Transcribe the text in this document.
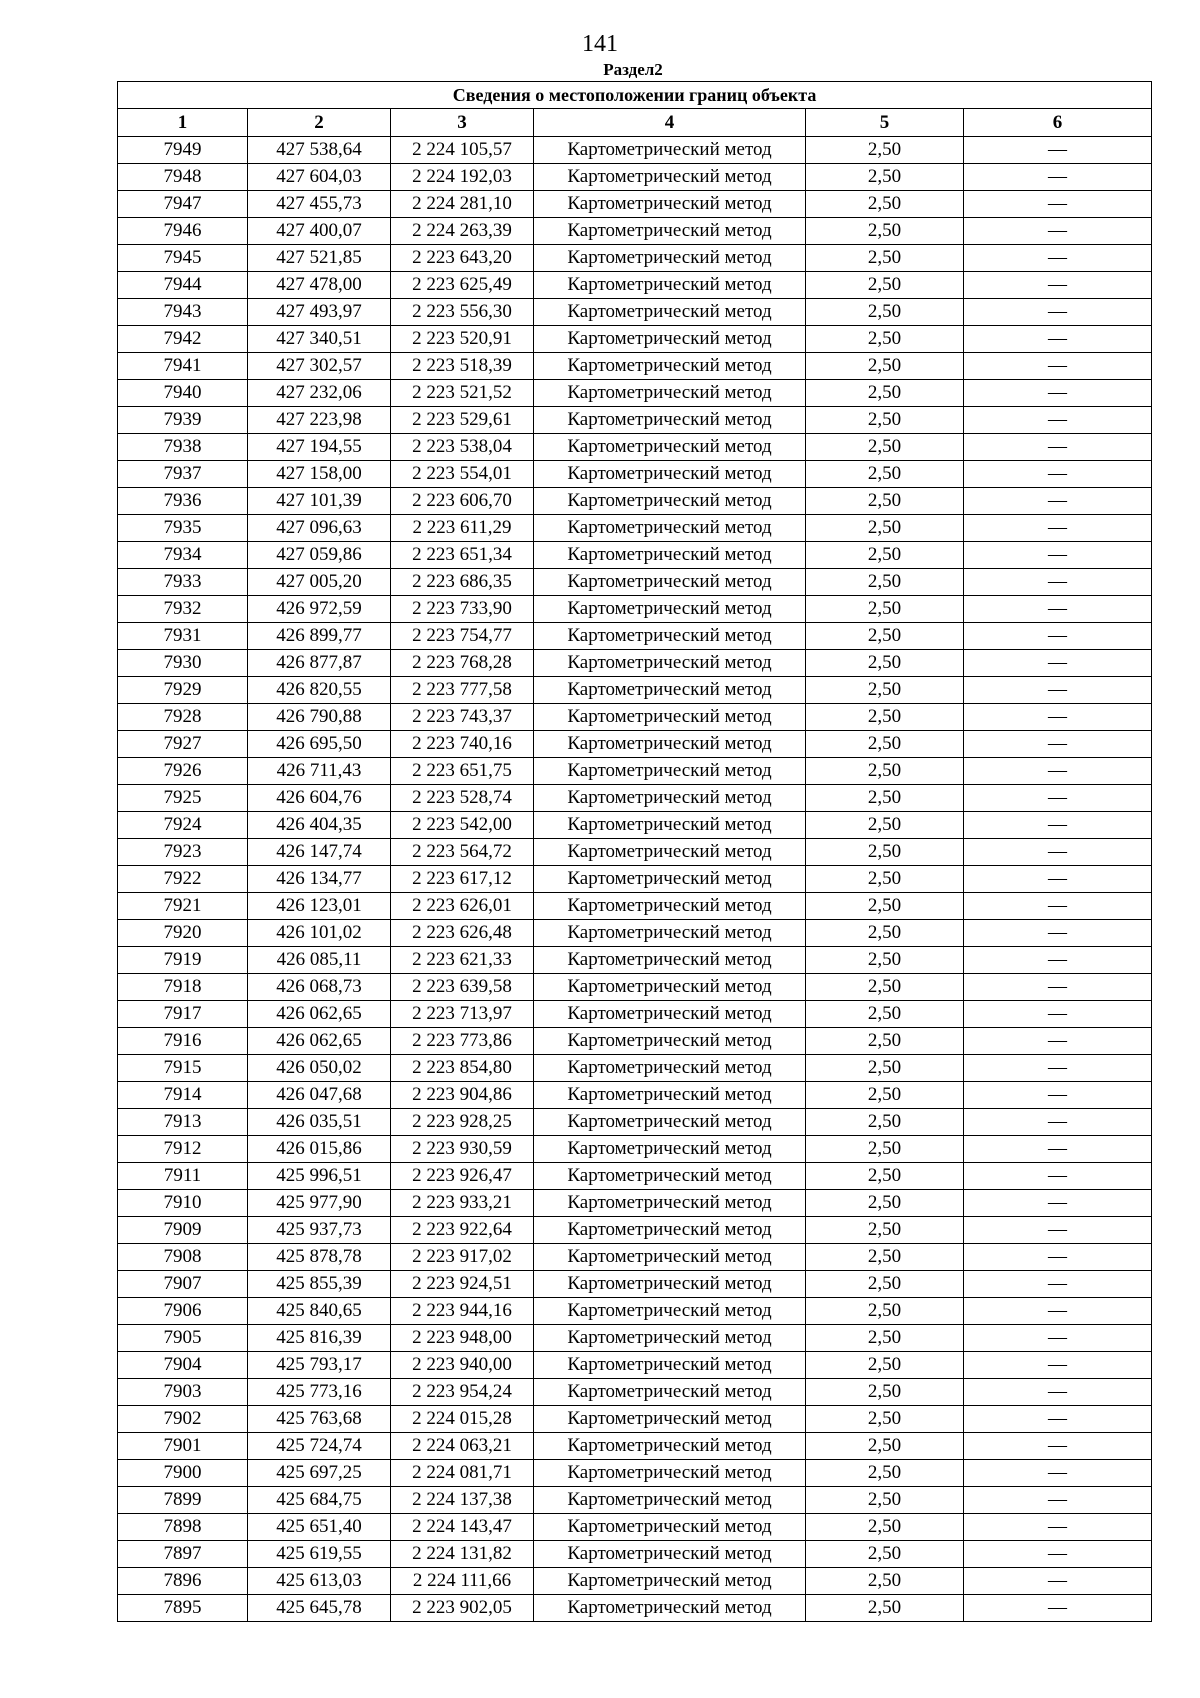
141
Раздел2
Сведения о местоположении границ объекта					
1	2	3	4	5	6
7949	427 538,64	2 224 105,57	Картометрический метод	2,50	—
7948	427 604,03	2 224 192,03	Картометрический метод	2,50	—
7947	427 455,73	2 224 281,10	Картометрический метод	2,50	—
7946	427 400,07	2 224 263,39	Картометрический метод	2,50	—
7945	427 521,85	2 223 643,20	Картометрический метод	2,50	—
7944	427 478,00	2 223 625,49	Картометрический метод	2,50	—
7943	427 493,97	2 223 556,30	Картометрический метод	2,50	—
7942	427 340,51	2 223 520,91	Картометрический метод	2,50	—
7941	427 302,57	2 223 518,39	Картометрический метод	2,50	—
7940	427 232,06	2 223 521,52	Картометрический метод	2,50	—
7939	427 223,98	2 223 529,61	Картометрический метод	2,50	—
7938	427 194,55	2 223 538,04	Картометрический метод	2,50	—
7937	427 158,00	2 223 554,01	Картометрический метод	2,50	—
7936	427 101,39	2 223 606,70	Картометрический метод	2,50	—
7935	427 096,63	2 223 611,29	Картометрический метод	2,50	—
7934	427 059,86	2 223 651,34	Картометрический метод	2,50	—
7933	427 005,20	2 223 686,35	Картометрический метод	2,50	—
7932	426 972,59	2 223 733,90	Картометрический метод	2,50	—
7931	426 899,77	2 223 754,77	Картометрический метод	2,50	—
7930	426 877,87	2 223 768,28	Картометрический метод	2,50	—
7929	426 820,55	2 223 777,58	Картометрический метод	2,50	—
7928	426 790,88	2 223 743,37	Картометрический метод	2,50	—
7927	426 695,50	2 223 740,16	Картометрический метод	2,50	—
7926	426 711,43	2 223 651,75	Картометрический метод	2,50	—
7925	426 604,76	2 223 528,74	Картометрический метод	2,50	—
7924	426 404,35	2 223 542,00	Картометрический метод	2,50	—
7923	426 147,74	2 223 564,72	Картометрический метод	2,50	—
7922	426 134,77	2 223 617,12	Картометрический метод	2,50	—
7921	426 123,01	2 223 626,01	Картометрический метод	2,50	—
7920	426 101,02	2 223 626,48	Картометрический метод	2,50	—
7919	426 085,11	2 223 621,33	Картометрический метод	2,50	—
7918	426 068,73	2 223 639,58	Картометрический метод	2,50	—
7917	426 062,65	2 223 713,97	Картометрический метод	2,50	—
7916	426 062,65	2 223 773,86	Картометрический метод	2,50	—
7915	426 050,02	2 223 854,80	Картометрический метод	2,50	—
7914	426 047,68	2 223 904,86	Картометрический метод	2,50	—
7913	426 035,51	2 223 928,25	Картометрический метод	2,50	—
7912	426 015,86	2 223 930,59	Картометрический метод	2,50	—
7911	425 996,51	2 223 926,47	Картометрический метод	2,50	—
7910	425 977,90	2 223 933,21	Картометрический метод	2,50	—
7909	425 937,73	2 223 922,64	Картометрический метод	2,50	—
7908	425 878,78	2 223 917,02	Картометрический метод	2,50	—
7907	425 855,39	2 223 924,51	Картометрический метод	2,50	—
7906	425 840,65	2 223 944,16	Картометрический метод	2,50	—
7905	425 816,39	2 223 948,00	Картометрический метод	2,50	—
7904	425 793,17	2 223 940,00	Картометрический метод	2,50	—
7903	425 773,16	2 223 954,24	Картометрический метод	2,50	—
7902	425 763,68	2 224 015,28	Картометрический метод	2,50	—
7901	425 724,74	2 224 063,21	Картометрический метод	2,50	—
7900	425 697,25	2 224 081,71	Картометрический метод	2,50	—
7899	425 684,75	2 224 137,38	Картометрический метод	2,50	—
7898	425 651,40	2 224 143,47	Картометрический метод	2,50	—
7897	425 619,55	2 224 131,82	Картометрический метод	2,50	—
7896	425 613,03	2 224 111,66	Картометрический метод	2,50	—
7895	425 645,78	2 223 902,05	Картометрический метод	2,50	—
